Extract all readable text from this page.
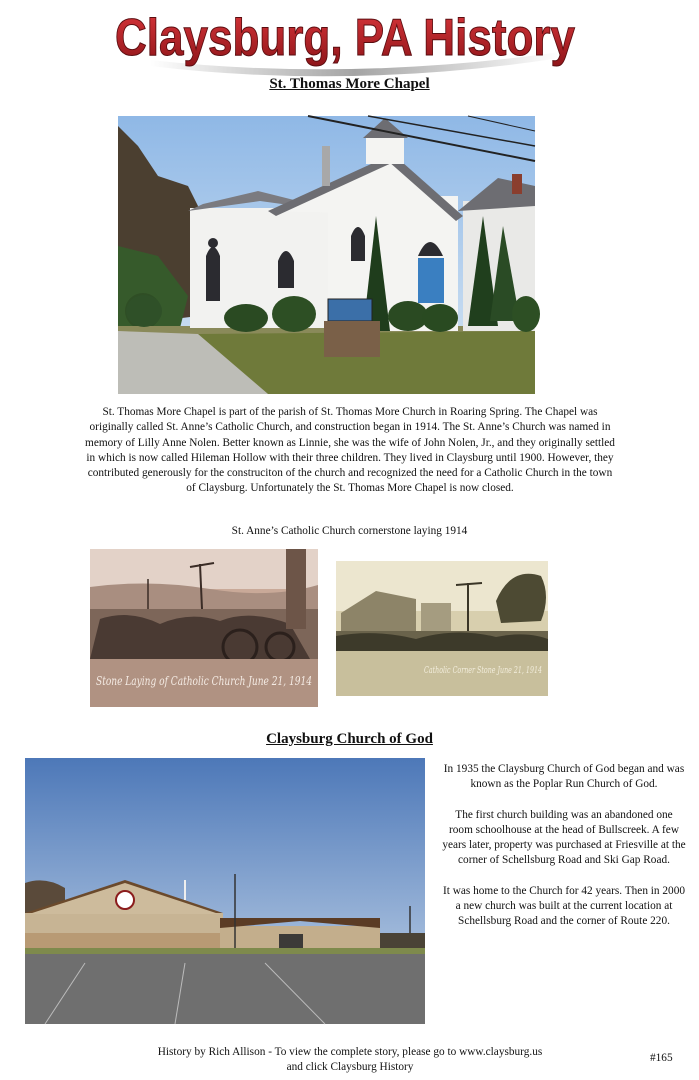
Claysburg, PA History
St. Thomas More Chapel
St. Thomas More Chapel is part of the parish of St. Thomas More Church in Roaring Spring. The Chapel was originally called St. Anne’s Catholic Church, and construction began in 1914. The St. Anne’s Church was named in memory of Lilly Anne Nolen. Better known as Linnie, she was the wife of John Nolen, Jr., and they originally settled in which is now called Hileman Hollow with their three children. They lived in Claysburg until 1900. However, they contributed generously for the construciton of the church and recognized the need for a Catholic Church in the town of Claysburg. Unfortunately the St. Thomas More Chapel is now closed.
St. Anne’s Catholic Church cornerstone laying 1914
Stone Laying of Catholic Church June 21, 1914
Catholic Corner Stone June 21, 1914
Claysburg Church of God

In 1935 the Claysburg Church of God began and was known as the Poplar Run Church of God.

The first church building was an abandoned one room schoolhouse at the head of Bullscreek. A few years later, property was purchased at Friesville at the corner of Schellsburg Road and Ski Gap Road.

It was home to the Church for 42 years. Then in 2000 a new church was built at the current location at Schellsburg Road and the corner of Route 220.

History by Rich Allison - To view the complete story, please go to www.claysburg.us
and click Claysburg History
#165
